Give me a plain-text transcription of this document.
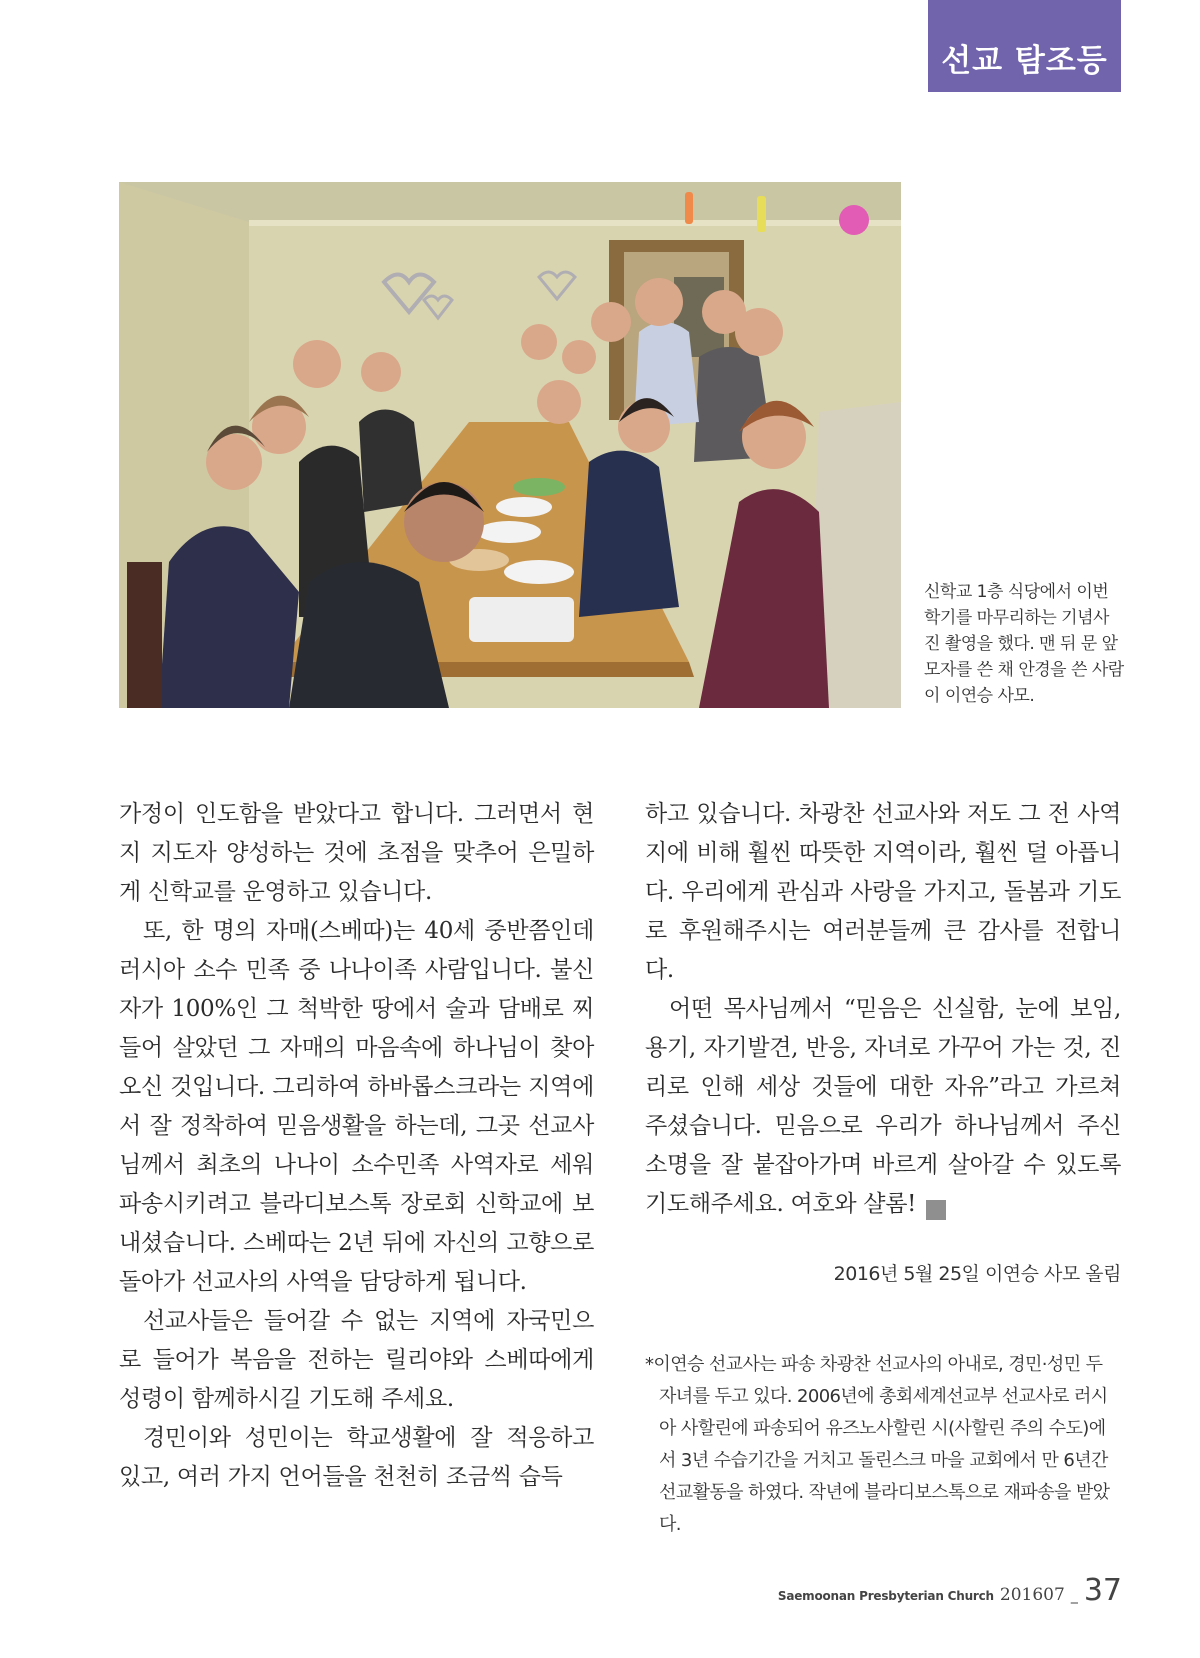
선교 탐조등
신학교 1층 식당에서 이번 학기를 마무리하는 기념사진 촬영을 했다. 맨 뒤 문 앞 모자를 쓴 채 안경을 쓴 사람이 이연승 사모.

가정이 인도함을 받았다고 합니다. 그러면서 현지 지도자 양성하는 것에 초점을 맞추어 은밀하게 신학교를 운영하고 있습니다.

또, 한 명의 자매(스베따)는 40세 중반쯤인데 러시아 소수 민족 중 나나이족 사람입니다. 불신자가 100%인 그 척박한 땅에서 술과 담배로 찌들어 살았던 그 자매의 마음속에 하나님이 찾아오신 것입니다. 그리하여 하바롭스크라는 지역에서 잘 정착하여 믿음생활을 하는데, 그곳 선교사님께서 최초의 나나이 소수민족 사역자로 세워 파송시키려고 블라디보스톡 장로회 신학교에 보내셨습니다. 스베따는 2년 뒤에 자신의 고향으로 돌아가 선교사의 사역을 담당하게 됩니다.

선교사들은 들어갈 수 없는 지역에 자국민으로 들어가 복음을 전하는 릴리야와 스베따에게 성령이 함께하시길 기도해 주세요.

경민이와 성민이는 학교생활에 잘 적응하고 있고, 여러 가지 언어들을 천천히 조금씩 습득

하고 있습니다. 차광찬 선교사와 저도 그 전 사역지에 비해 훨씬 따뜻한 지역이라, 훨씬 덜 아픕니다. 우리에게 관심과 사랑을 가지고, 돌봄과 기도로 후원해주시는 여러분들께 큰 감사를 전합니다.

어떤 목사님께서 “믿음은 신실함, 눈에 보임, 용기, 자기발견, 반응, 자녀로 가꾸어 가는 것, 진리로 인해 세상 것들에 대한 자유”라고 가르쳐 주셨습니다. 믿음으로 우리가 하나님께서 주신 소명을 잘 붙잡아가며 바르게 살아갈 수 있도록 기도해주세요. 여호와 샬롬!	새

2016년 5월 25일 이연승 사모 올림
*이연승 선교사는 파송 차광찬 선교사의 아내로, 경민·성민 두 자녀를 두고 있다. 2006년에 총회세계선교부 선교사로 러시아 사할린에 파송되어 유즈노사할린 시(사할린 주의 수도)에서 3년 수습기간을 거치고 돌린스크 마을 교회에서 만 6년간 선교활동을 하였다. 작년에 블라디보스톡으로 재파송을 받았다.
Saemoonan Presbyterian Church 201607 _ 37
